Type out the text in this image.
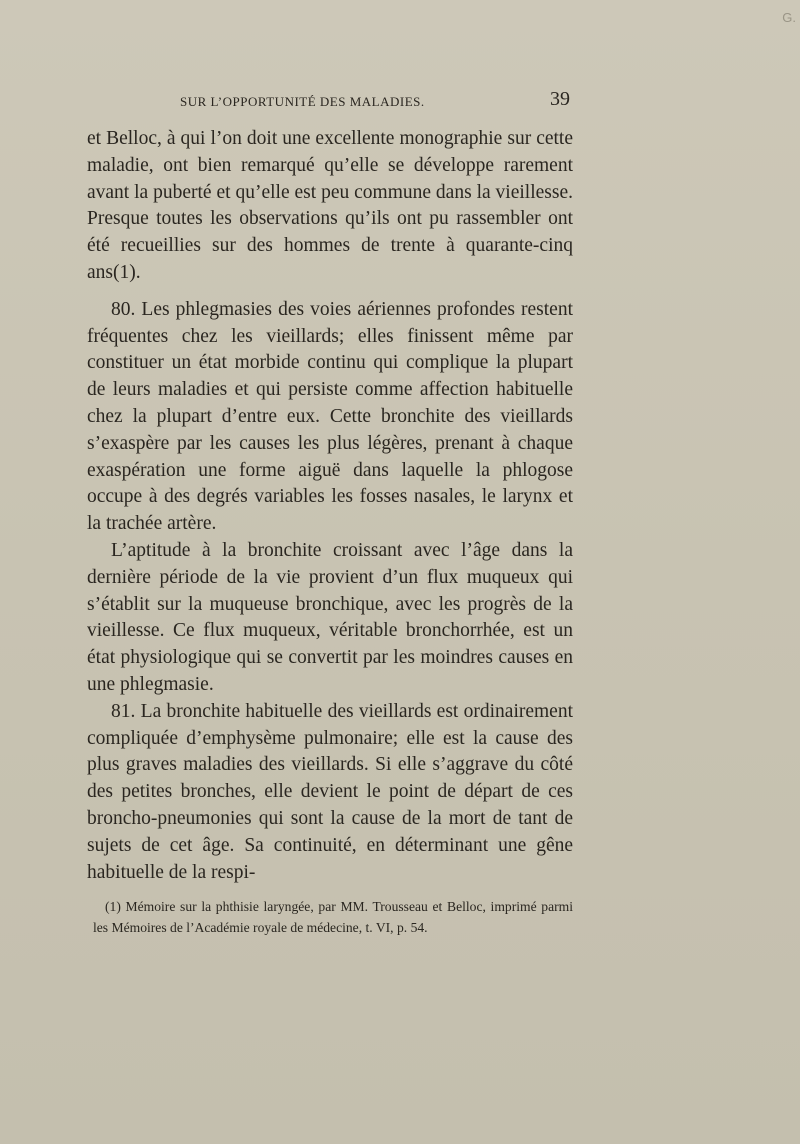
SUR L’OPPORTUNITÉ DES MALADIES.	39
G.

et Belloc, à qui l’on doit une excellente monographie sur cette maladie, ont bien remarqué qu’elle se développe rarement avant la puberté et qu’elle est peu commune dans la vieillesse. Presque toutes les observations qu’ils ont pu rassembler ont été recueillies sur des hommes de trente à quarante-cinq ans(1).

80. Les phlegmasies des voies aériennes profondes restent fréquentes chez les vieillards; elles finissent même par constituer un état morbide continu qui complique la plupart de leurs maladies et qui persiste comme affection habituelle chez la plupart d’entre eux. Cette bronchite des vieillards s’exaspère par les causes les plus légères, prenant à chaque exaspération une forme aiguë dans laquelle la phlogose occupe à des degrés variables les fosses nasales, le larynx et la trachée artère.

L’aptitude à la bronchite croissant avec l’âge dans la dernière période de la vie provient d’un flux muqueux qui s’établit sur la muqueuse bronchique, avec les progrès de la vieillesse. Ce flux muqueux, véritable bronchorrhée, est un état physiologique qui se convertit par les moindres causes en une phlegmasie.

81. La bronchite habituelle des vieillards est ordinairement compliquée d’emphysème pulmonaire; elle est la cause des plus graves maladies des vieillards. Si elle s’aggrave du côté des petites bronches, elle devient le point de départ de ces broncho-pneumonies qui sont la cause de la mort de tant de sujets de cet âge. Sa continuité, en déterminant une gêne habituelle de la respi-

(1) Mémoire sur la phthisie laryngée, par MM. Trousseau et Belloc, imprimé parmi les Mémoires de l’Académie royale de médecine, t. VI, p. 54.
